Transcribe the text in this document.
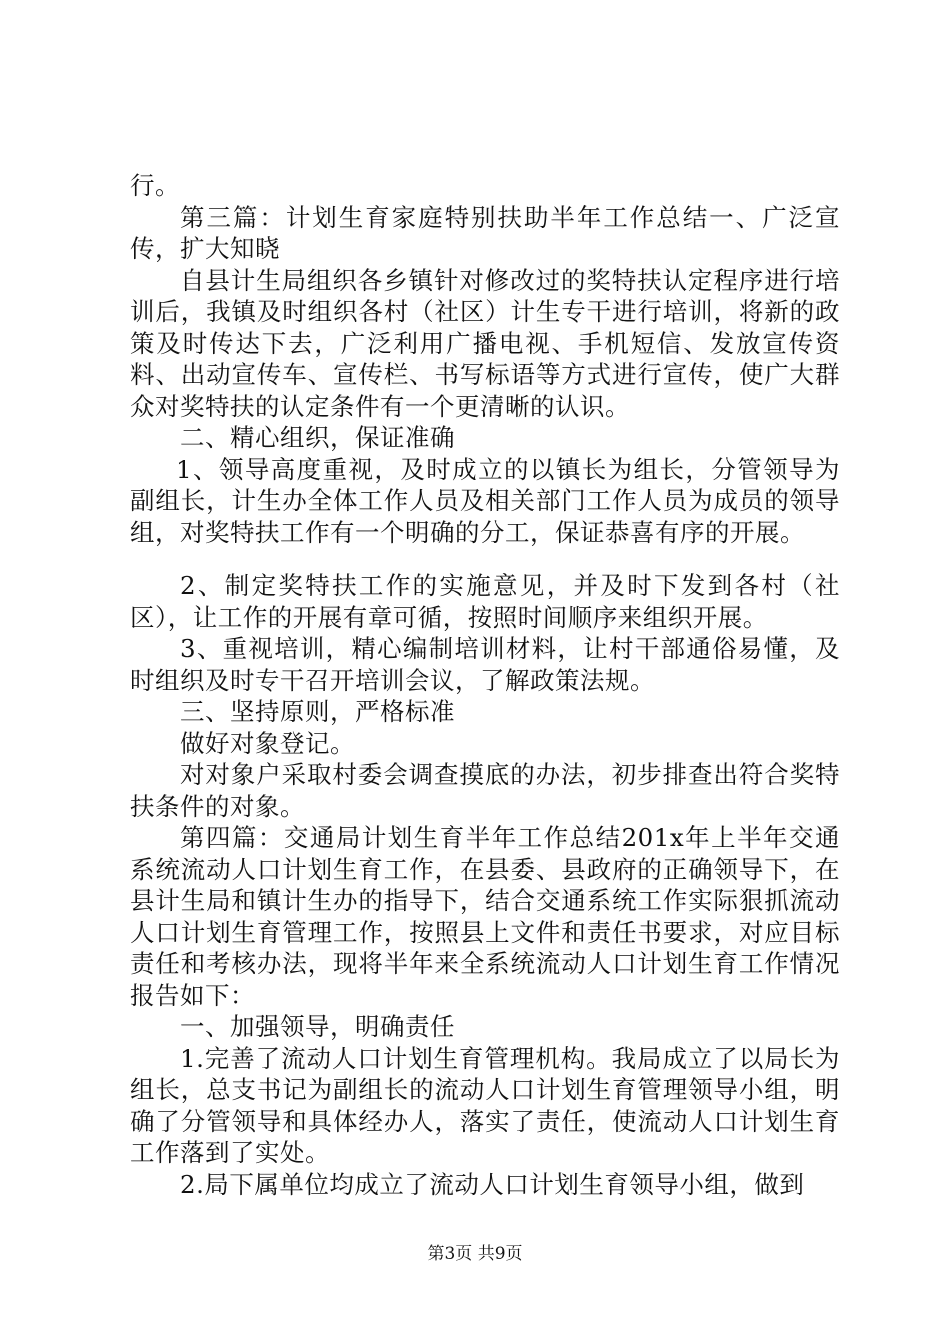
行。

第三篇：计划生育家庭特别扶助半年工作总结一、广泛宣传，扩大知晓

自县计生局组织各乡镇针对修改过的奖特扶认定程序进行培训后，我镇及时组织各村（社区）计生专干进行培训，将新的政策及时传达下去，广泛利用广播电视、手机短信、发放宣传资料、出动宣传车、宣传栏、书写标语等方式进行宣传，使广大群众对奖特扶的认定条件有一个更清晰的认识。

二、精心组织，保证准确

1、领导高度重视，及时成立的以镇长为组长，分管领导为副组长，计生办全体工作人员及相关部门工作人员为成员的领导组，对奖特扶工作有一个明确的分工，保证恭喜有序的开展。

2、制定奖特扶工作的实施意见，并及时下发到各村（社区），让工作的开展有章可循，按照时间顺序来组织开展。

3、重视培训，精心编制培训材料，让村干部通俗易懂，及时组织及时专干召开培训会议，了解政策法规。

三、坚持原则，严格标准

做好对象登记。

对对象户采取村委会调查摸底的办法，初步排查出符合奖特扶条件的对象。

第四篇：交通局计划生育半年工作总结201x年上半年交通系统流动人口计划生育工作，在县委、县政府的正确领导下，在县计生局和镇计生办的指导下，结合交通系统工作实际狠抓流动人口计划生育管理工作，按照县上文件和责任书要求，对应目标责任和考核办法，现将半年来全系统流动人口计划生育工作情况报告如下：

一、加强领导，明确责任

1.完善了流动人口计划生育管理机构。我局成立了以局长为组长，总支书记为副组长的流动人口计划生育管理领导小组，明确了分管领导和具体经办人，落实了责任，使流动人口计划生育工作落到了实处。

2.局下属单位均成立了流动人口计划生育领导小组，做到

第3页 共9页
